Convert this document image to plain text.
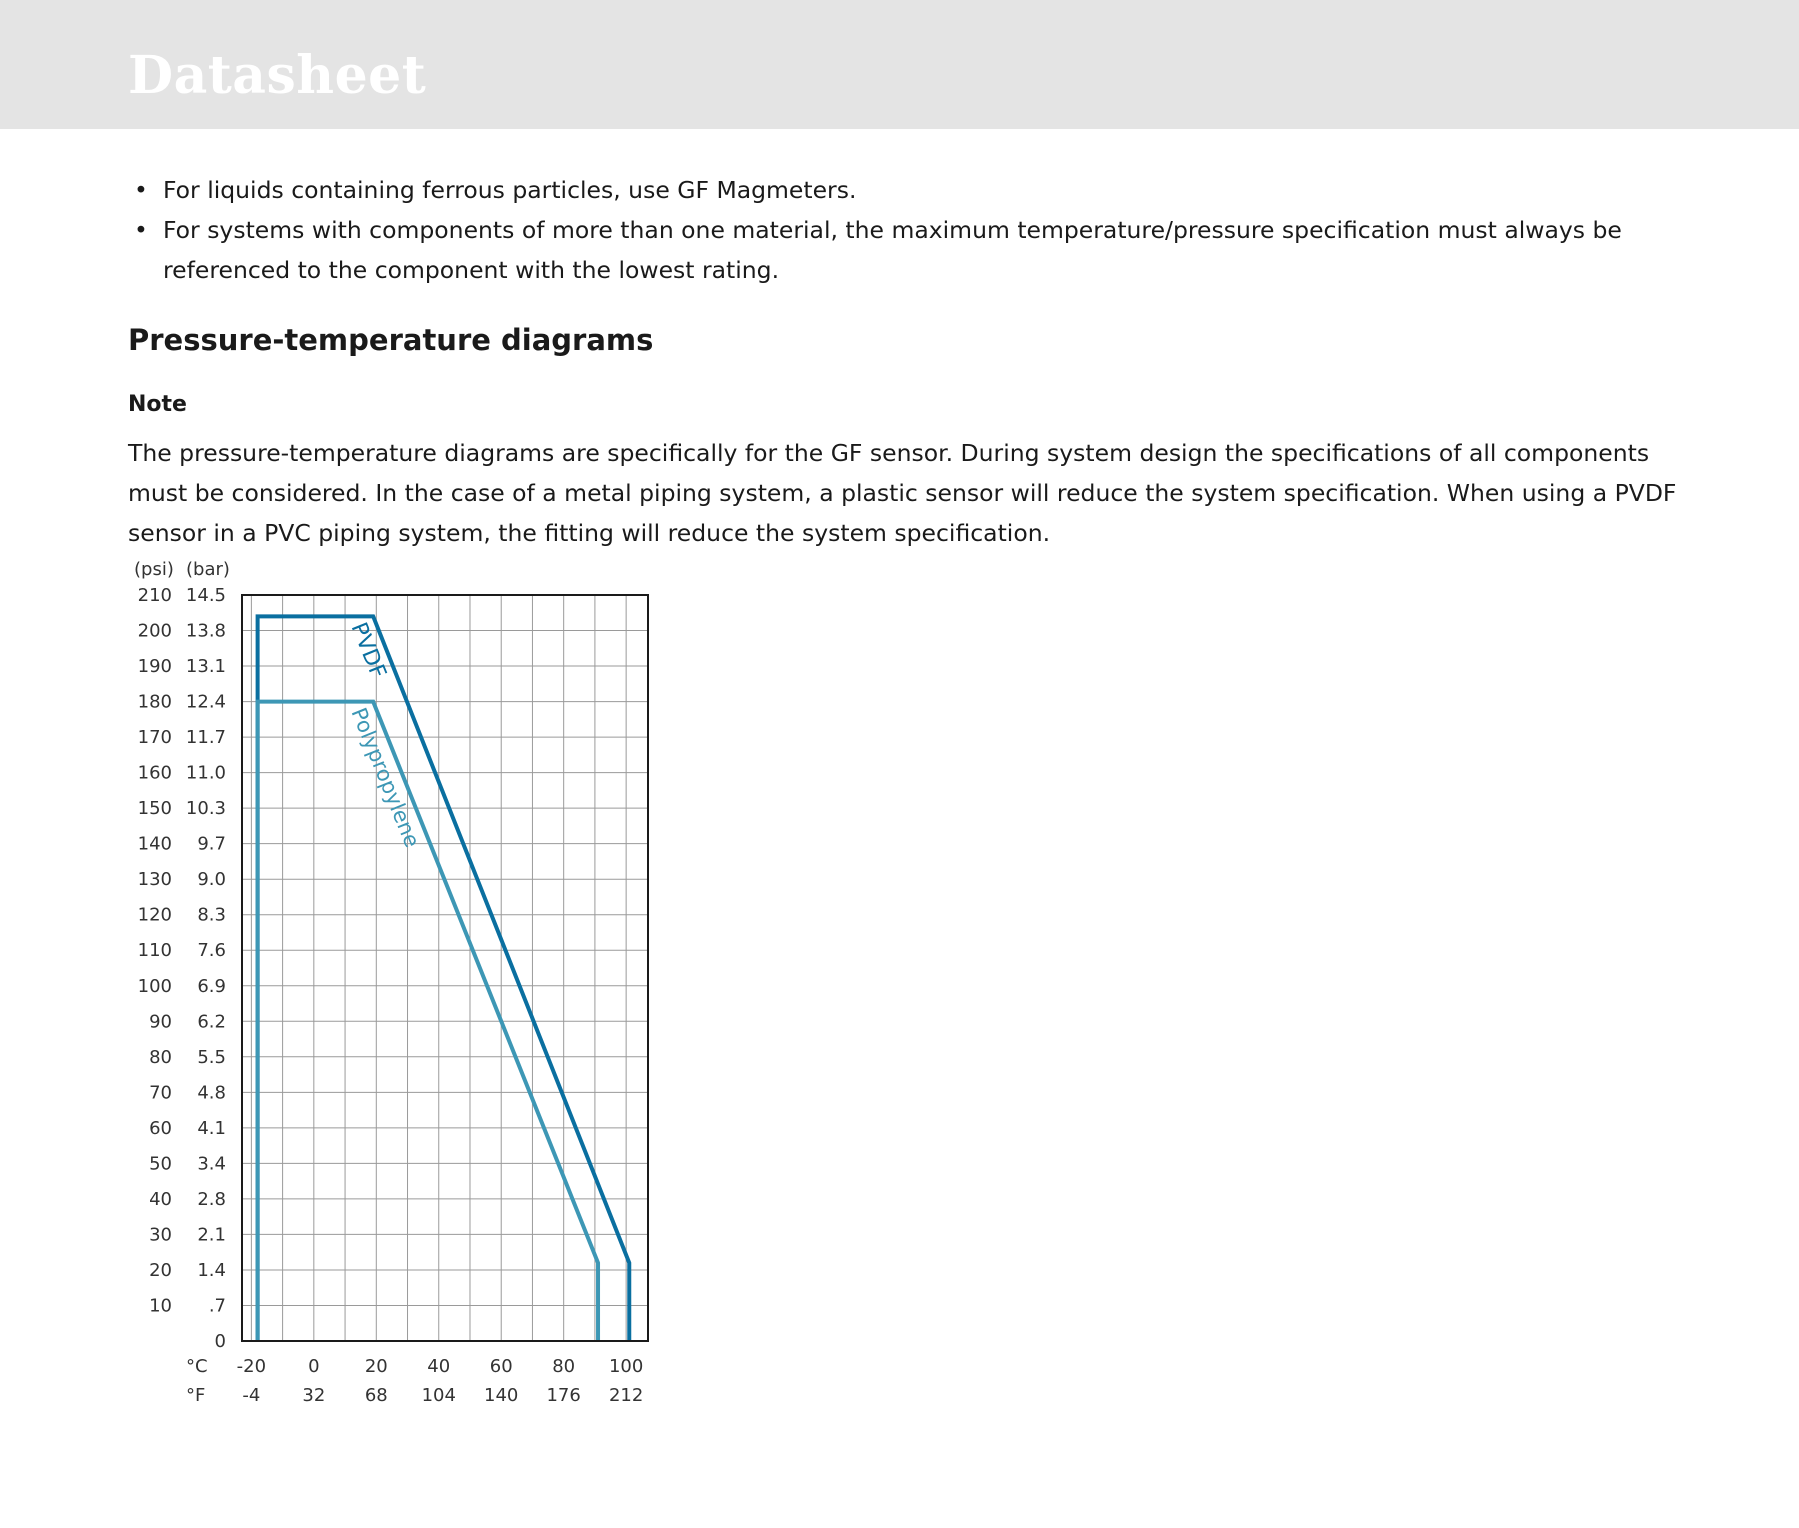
Datasheet
• For liquids containing ferrous particles, use GF Magmeters.
• For systems with components of more than one material, the maximum temperature/pressure specification must always be referenced to the component with the lowest rating.
Pressure-temperature diagrams
Note
The pressure-temperature diagrams are specifically for the GF sensor. During system design the specifications of all components must be considered. In the case of a metal piping system, a plastic sensor will reduce the system specification. When using a PVDF sensor in a PVC piping system, the fitting will reduce the system specification.
0
10 .7
20 1.4
30 2.1
40 2.8
50 3.4
60 4.1
70 4.8
80 5.5
90 6.2
100 6.9
110 7.6
120 8.3
130 9.0
140 9.7
150 10.3
160 11.0
170 11.7
180 12.4
190 13.1
200 13.8
210 14.5
(psi) (bar)
-20 0	20 40 60 80 100
-4 32 68 104 140 176 212
°C
°F
PVDF
Polypropylene
